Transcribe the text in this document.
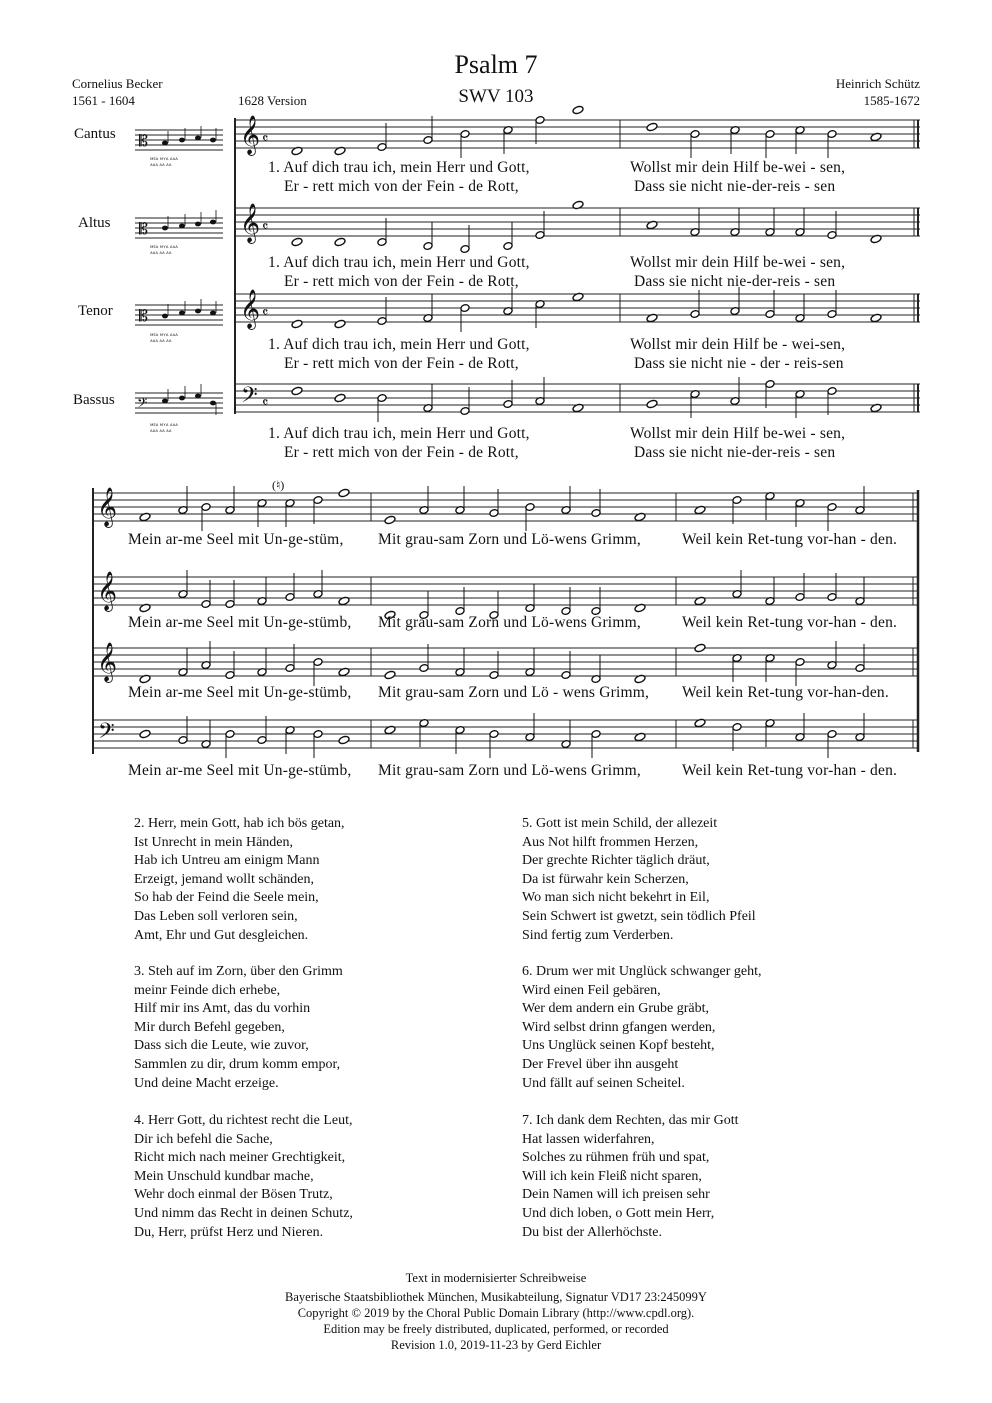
Psalm 7
SWV 103
Cornelius Becker
1561 - 1604	1628 Version
Heinrich Schütz
1585-1672
Cantus
Altus
Tenor
Bassus
𝄞
𝄞
𝄞
𝄢
𝄞
𝄞
𝄞
𝄢
𝄴
𝄴
𝄴
𝄴
𝄡
𝄡
𝄡
𝄢
ᴍᴇᴀ ᴍʏᴀ ᴀᴀᴀ
ᴀᴀᴀ ᴀᴀ ᴀᴀ
ᴍᴇᴀ ᴍʏᴀ ᴀᴀᴀ
ᴀᴀᴀ ᴀᴀ ᴀᴀ
ᴍᴇᴀ ᴍʏᴀ ᴀᴀᴀ
ᴀᴀᴀ ᴀᴀ ᴀᴀ
ᴍᴇᴀ ᴍʏᴀ ᴀᴀᴀ
ᴀᴀᴀ ᴀᴀ ᴀᴀ
(♮)
1. Auf dich trau ich, mein Herr und Gott,	Wollst mir dein Hilf be-wei - sen,
Er - rett mich von der Fein - de Rott,	Dass sie nicht nie-der-reis - sen
1. Auf dich trau ich, mein Herr und Gott,	Wollst mir dein Hilf be-wei - sen,
Er - rett mich von der Fein - de Rott,	Dass sie nicht nie-der-reis - sen
1. Auf dich trau ich, mein Herr und Gott,	Wollst mir dein Hilf be - wei-sen,
Er - rett mich von der Fein - de Rott,	Dass sie nicht nie - der - reis-sen
1. Auf dich trau ich, mein Herr und Gott,	Wollst mir dein Hilf be-wei - sen,
Er - rett mich von der Fein - de Rott,	Dass sie nicht nie-der-reis - sen
Mein ar-me Seel mit Un-ge-stüm, Mit grau-sam Zorn und Lö-wens Grimm,	Weil kein Ret-tung vor-han - den.
Mein ar-me Seel mit Un-ge-stümb, Mit grau-sam Zorn und Lö-wens Grimm,	Weil kein Ret-tung vor-han - den.
Mein ar-me Seel mit Un-ge-stümb, Mit grau-sam Zorn und Lö - wens Grimm, Weil kein Ret-tung vor-han-den.
Mein ar-me Seel mit Un-ge-stümb, Mit grau-sam Zorn und Lö-wens Grimm,	Weil kein Ret-tung vor-han - den.
2. Herr, mein Gott, hab ich bös getan,
Ist Unrecht in mein Händen,
Hab ich Untreu am einigm Mann
Erzeigt, jemand wollt schänden,
So hab der Feind die Seele mein,
Das Leben soll verloren sein,
Amt, Ehr und Gut desgleichen.
3. Steh auf im Zorn, über den Grimm
meinr Feinde dich erhebe,
Hilf mir ins Amt, das du vorhin
Mir durch Befehl gegeben,
Dass sich die Leute, wie zuvor,
Sammlen zu dir, drum komm empor,
Und deine Macht erzeige.
4. Herr Gott, du richtest recht die Leut,
Dir ich befehl die Sache,
Richt mich nach meiner Grechtigkeit,
Mein Unschuld kundbar mache,
Wehr doch einmal der Bösen Trutz,
Und nimm das Recht in deinen Schutz,
Du, Herr, prüfst Herz und Nieren.
5. Gott ist mein Schild, der allezeit
Aus Not hilft frommen Herzen,
Der grechte Richter täglich dräut,
Da ist fürwahr kein Scherzen,
Wo man sich nicht bekehrt in Eil,
Sein Schwert ist gwetzt, sein tödlich Pfeil
Sind fertig zum Verderben.
6. Drum wer mit Unglück schwanger geht,
Wird einen Feil gebären,
Wer dem andern ein Grube gräbt,
Wird selbst drinn gfangen werden,
Uns Unglück seinen Kopf besteht,
Der Frevel über ihn ausgeht
Und fällt auf seinen Scheitel.
7. Ich dank dem Rechten, das mir Gott
Hat lassen widerfahren,
Solches zu rühmen früh und spat,
Will ich kein Fleiß nicht sparen,
Dein Namen will ich preisen sehr
Und dich loben, o Gott mein Herr,
Du bist der Allerhöchste.
Text in modernisierter Schreibweise
Bayerische Staatsbibliothek München, Musikabteilung, Signatur VD17 23:245099Y
Copyright © 2019 by the Choral Public Domain Library (http://www.cpdl.org).
Edition may be freely distributed, duplicated, performed, or recorded
Revision 1.0, 2019-11-23 by Gerd Eichler
